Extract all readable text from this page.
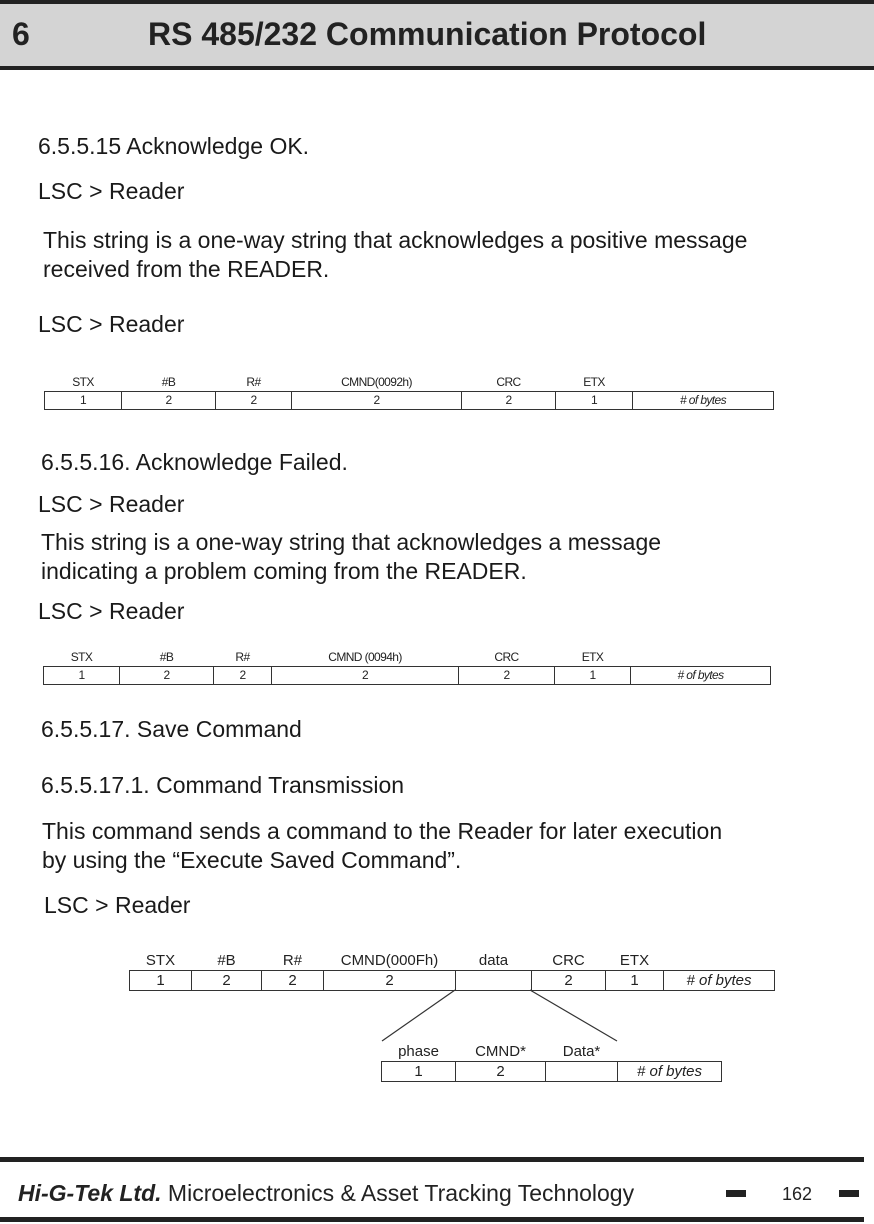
6	RS 485/232 Communication Protocol
6.5.5.15 Acknowledge OK.
LSC > Reader
This string is a one-way string that acknowledges a positive message
received from the READER.
LSC > Reader
STX	#B	R#	CMND(0092h)	CRC	ETX	
1	2	2	2	2	1	# of bytes
6.5.5.16. Acknowledge Failed.
LSC > Reader
This string is a one-way string that acknowledges a message
indicating a problem coming from the READER.
LSC > Reader
STX	#B	R#	CMND (0094h)	CRC	ETX	
1	2	2	2	2	1	# of bytes
6.5.5.17. Save Command
6.5.5.17.1. Command Transmission
This command sends a command to the Reader for later execution
by using the “Execute Saved Command”.
LSC > Reader
STX	#B	R#	CMND(000Fh)	data	CRC	ETX	
1	2	2	2		2	1	# of bytes
phase	CMND*	Data*	
1	2		# of bytes
Hi-G-Tek Ltd. Microelectronics & Asset Tracking Technology	162
